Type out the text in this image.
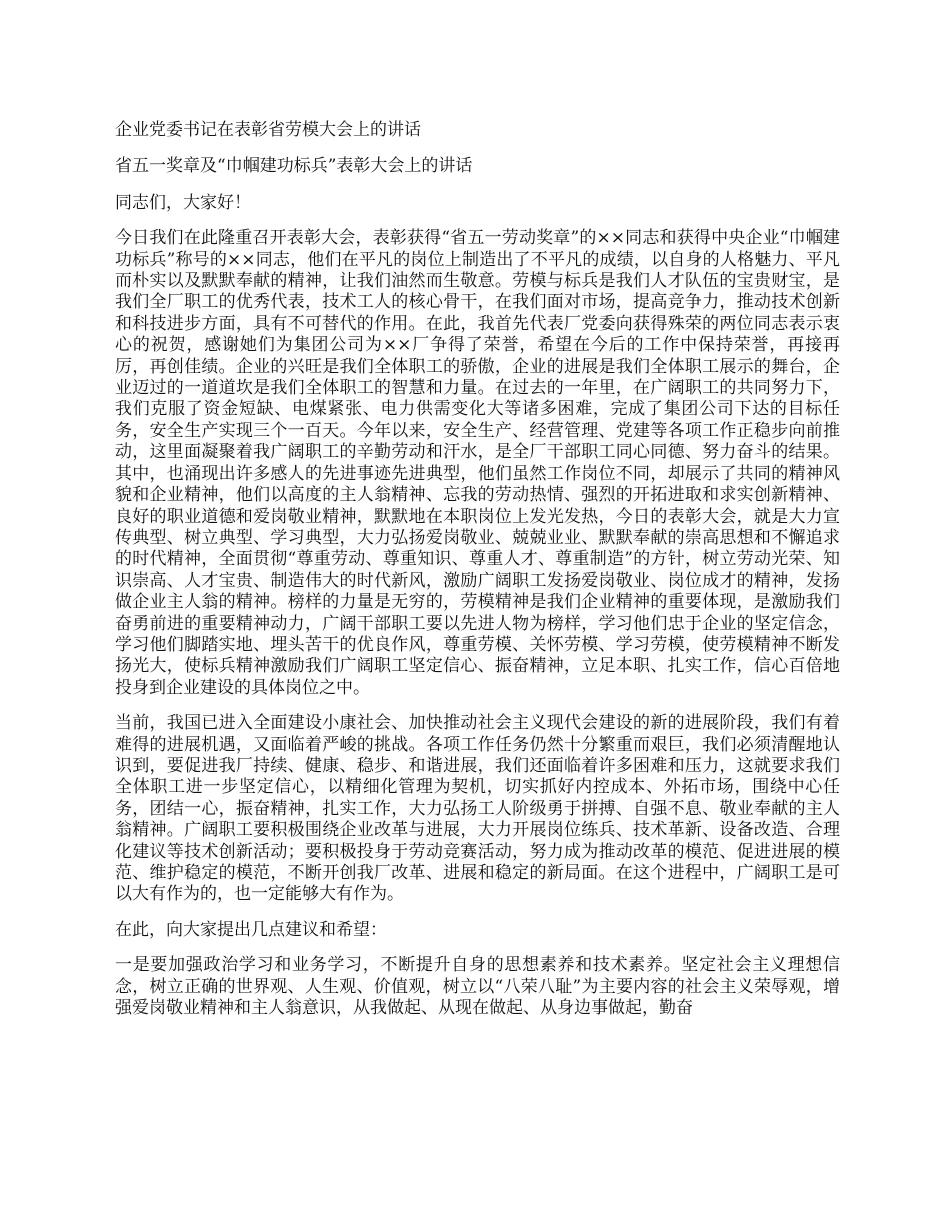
企业党委书记在表彰省劳模大会上的讲话

省五一奖章及“巾帼建功标兵”表彰大会上的讲话

同志们，大家好！

今日我们在此隆重召开表彰大会，表彰获得“省五一劳动奖章”的××同志和获得中央企业“巾帼建功标兵”称号的××同志，他们在平凡的岗位上制造出了不平凡的成绩，以自身的人格魅力、平凡而朴实以及默默奉献的精神，让我们油然而生敬意。劳模与标兵是我们人才队伍的宝贵财宝，是我们全厂职工的优秀代表，技术工人的核心骨干，在我们面对市场，提高竞争力，推动技术创新和科技进步方面，具有不可替代的作用。在此，我首先代表厂党委向获得殊荣的两位同志表示衷心的祝贺，感谢她们为集团公司为××厂争得了荣誉，希望在今后的工作中保持荣誉，再接再厉，再创佳绩。企业的兴旺是我们全体职工的骄傲，企业的进展是我们全体职工展示的舞台，企业迈过的一道道坎是我们全体职工的智慧和力量。在过去的一年里，在广阔职工的共同努力下，我们克服了资金短缺、电煤紧张、电力供需变化大等诸多困难，完成了集团公司下达的目标任务，安全生产实现三个一百天。今年以来，安全生产、经营管理、党建等各项工作正稳步向前推动，这里面凝聚着我广阔职工的辛勤劳动和汗水，是全厂干部职工同心同德、努力奋斗的结果。其中，也涌现出许多感人的先进事迹先进典型，他们虽然工作岗位不同，却展示了共同的精神风貌和企业精神，他们以高度的主人翁精神、忘我的劳动热情、强烈的开拓进取和求实创新精神、良好的职业道德和爱岗敬业精神，默默地在本职岗位上发光发热，今日的表彰大会，就是大力宣传典型、树立典型、学习典型，大力弘扬爱岗敬业、兢兢业业、默默奉献的崇高思想和不懈追求的时代精神，全面贯彻“尊重劳动、尊重知识、尊重人才、尊重制造”的方针，树立劳动光荣、知识崇高、人才宝贵、制造伟大的时代新风，激励广阔职工发扬爱岗敬业、岗位成才的精神，发扬做企业主人翁的精神。榜样的力量是无穷的，劳模精神是我们企业精神的重要体现，是激励我们奋勇前进的重要精神动力，广阔干部职工要以先进人物为榜样，学习他们忠于企业的坚定信念，学习他们脚踏实地、埋头苦干的优良作风，尊重劳模、关怀劳模、学习劳模，使劳模精神不断发扬光大，使标兵精神激励我们广阔职工坚定信心、振奋精神，立足本职、扎实工作，信心百倍地投身到企业建设的具体岗位之中。

当前，我国已进入全面建设小康社会、加快推动社会主义现代会建设的新的进展阶段，我们有着难得的进展机遇，又面临着严峻的挑战。各项工作任务仍然十分繁重而艰巨，我们必须清醒地认识到，要促进我厂持续、健康、稳步、和谐进展，我们还面临着许多困难和压力，这就要求我们全体职工进一步坚定信心，以精细化管理为契机，切实抓好内控成本、外拓市场，围绕中心任务，团结一心，振奋精神，扎实工作，大力弘扬工人阶级勇于拼搏、自强不息、敬业奉献的主人翁精神。广阔职工要积极围绕企业改革与进展，大力开展岗位练兵、技术革新、设备改造、合理化建议等技术创新活动；要积极投身于劳动竞赛活动，努力成为推动改革的模范、促进进展的模范、维护稳定的模范，不断开创我厂改革、进展和稳定的新局面。在这个进程中，广阔职工是可以大有作为的，也一定能够大有作为。

在此，向大家提出几点建议和希望：

一是要加强政治学习和业务学习，不断提升自身的思想素养和技术素养。坚定社会主义理想信念，树立正确的世界观、人生观、价值观，树立以“八荣八耻”为主要内容的社会主义荣辱观，增强爱岗敬业精神和主人翁意识，从我做起、从现在做起、从身边事做起，勤奋
